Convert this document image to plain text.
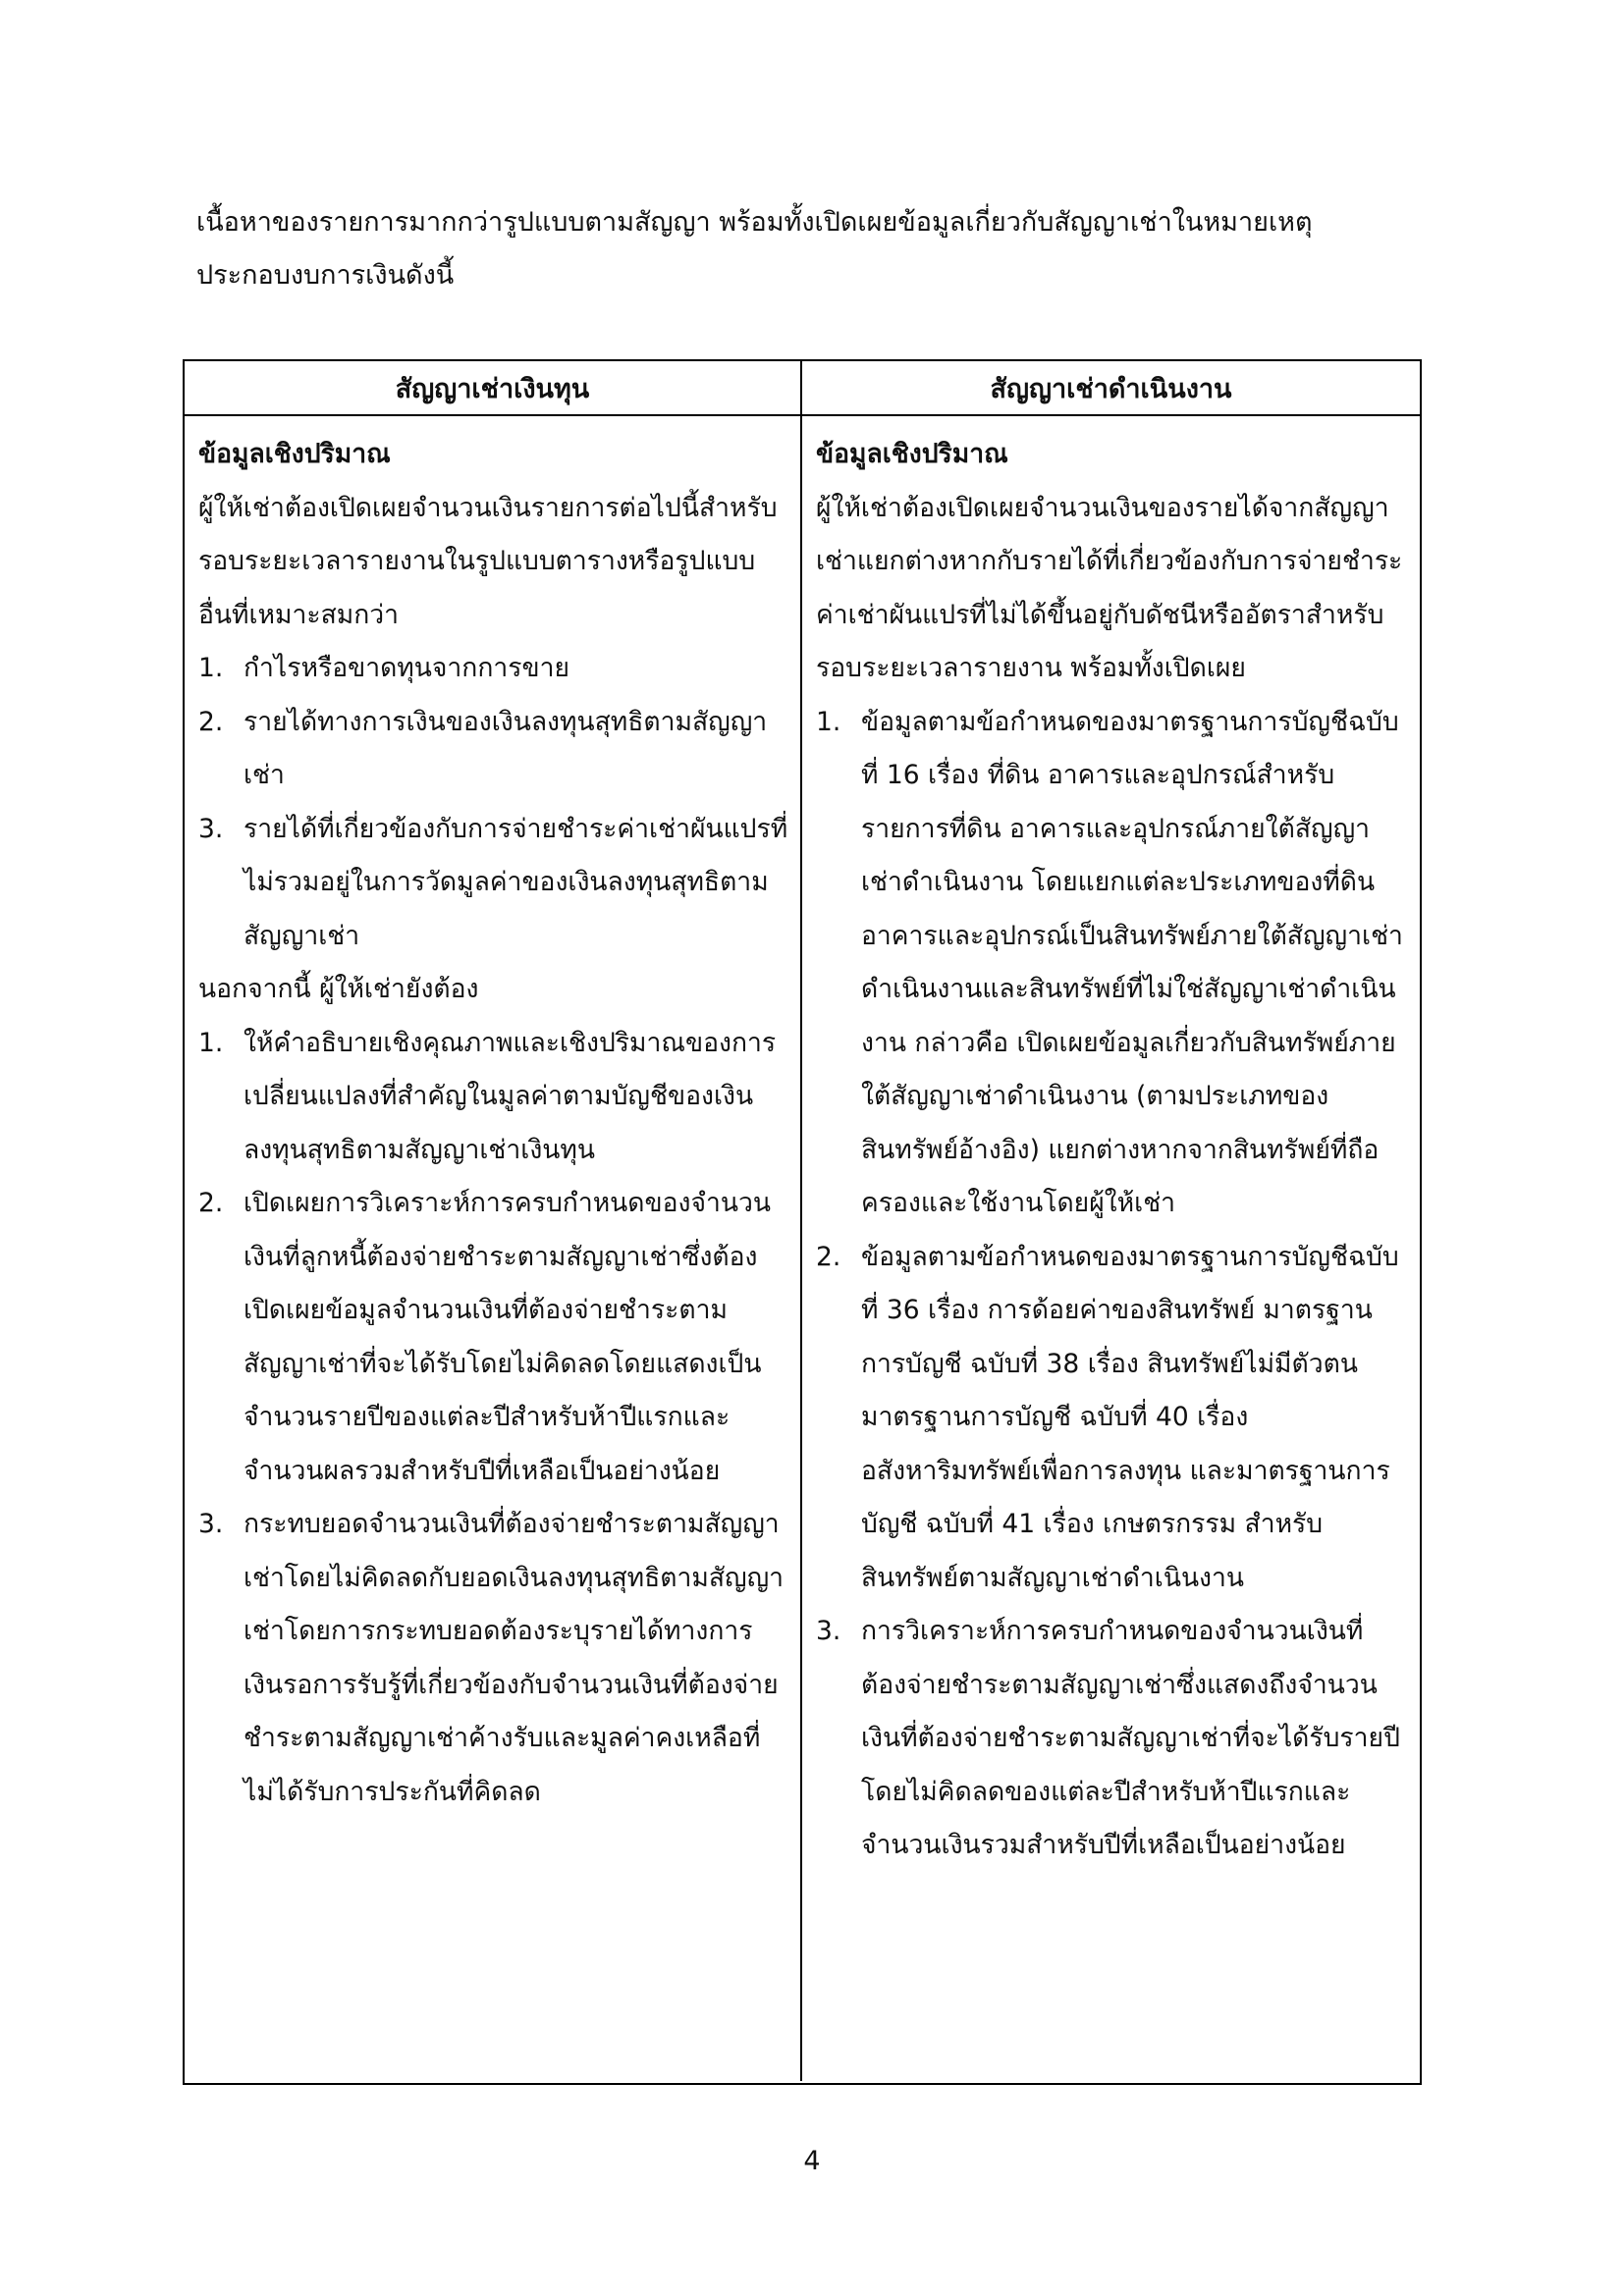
เนื้อหาของรายการมากกว่ารูปแบบตามสัญญา พร้อมทั้งเปิดเผยข้อมูลเกี่ยวกับสัญญาเช่าในหมายเหตุ
ประกอบงบการเงินดังนี้
สัญญาเช่าเงินทุน	สัญญาเช่าดำเนินงาน

ข้อมูลเชิงปริมาณ

ผู้ให้เช่าต้องเปิดเผยจำนวนเงินรายการต่อไปนี้สำหรับรอบระยะเวลารายงานในรูปแบบตารางหรือรูปแบบอื่นที่เหมาะสมกว่า

1. กำไรหรือขาดทุนจากการขาย
2. รายได้ทางการเงินของเงินลงทุนสุทธิตามสัญญาเช่า
3. รายได้ที่เกี่ยวข้องกับการจ่ายชำระค่าเช่าผันแปรที่ไม่รวมอยู่ในการวัดมูลค่าของเงินลงทุนสุทธิตามสัญญาเช่า

นอกจากนี้ ผู้ให้เช่ายังต้อง

1. ให้คำอธิบายเชิงคุณภาพและเชิงปริมาณของการเปลี่ยนแปลงที่สำคัญในมูลค่าตามบัญชีของเงินลงทุนสุทธิตามสัญญาเช่าเงินทุน
2. เปิดเผยการวิเคราะห์การครบกำหนดของจำนวนเงินที่ลูกหนี้ต้องจ่ายชำระตามสัญญาเช่าซึ่งต้องเปิดเผยข้อมูลจำนวนเงินที่ต้องจ่ายชำระตามสัญญาเช่าที่จะได้รับโดยไม่คิดลดโดยแสดงเป็นจำนวนรายปีของแต่ละปีสำหรับห้าปีแรกและจำนวนผลรวมสำหรับปีที่เหลือเป็นอย่างน้อย
3. กระทบยอดจำนวนเงินที่ต้องจ่ายชำระตามสัญญาเช่าโดยไม่คิดลดกับยอดเงินลงทุนสุทธิตามสัญญาเช่าโดยการกระทบยอดต้องระบุรายได้ทางการเงินรอการรับรู้ที่เกี่ยวข้องกับจำนวนเงินที่ต้องจ่ายชำระตามสัญญาเช่าค้างรับและมูลค่าคงเหลือที่ไม่ได้รับการประกันที่คิดลด

ข้อมูลเชิงปริมาณ

ผู้ให้เช่าต้องเปิดเผยจำนวนเงินของรายได้จากสัญญาเช่าแยกต่างหากกับรายได้ที่เกี่ยวข้องกับการจ่ายชำระค่าเช่าผันแปรที่ไม่ได้ขึ้นอยู่กับดัชนีหรืออัตราสำหรับรอบระยะเวลารายงาน พร้อมทั้งเปิดเผย

1. ข้อมูลตามข้อกำหนดของมาตรฐานการบัญชีฉบับที่ 16 เรื่อง ที่ดิน อาคารและอุปกรณ์สำหรับรายการที่ดิน อาคารและอุปกรณ์ภายใต้สัญญาเช่าดำเนินงาน โดยแยกแต่ละประเภทของที่ดิน อาคารและอุปกรณ์เป็นสินทรัพย์ภายใต้สัญญาเช่าดำเนินงานและสินทรัพย์ที่ไม่ใช่สัญญาเช่าดำเนินงาน กล่าวคือ เปิดเผยข้อมูลเกี่ยวกับสินทรัพย์ภายใต้สัญญาเช่าดำเนินงาน (ตามประเภทของสินทรัพย์อ้างอิง) แยกต่างหากจากสินทรัพย์ที่ถือครองและใช้งานโดยผู้ให้เช่า
2. ข้อมูลตามข้อกำหนดของมาตรฐานการบัญชีฉบับที่ 36 เรื่อง การด้อยค่าของสินทรัพย์ มาตรฐานการบัญชี ฉบับที่ 38 เรื่อง สินทรัพย์ไม่มีตัวตน มาตรฐานการบัญชี ฉบับที่ 40 เรื่อง อสังหาริมทรัพย์เพื่อการลงทุน และมาตรฐานการบัญชี ฉบับที่ 41 เรื่อง เกษตรกรรม สำหรับสินทรัพย์ตามสัญญาเช่าดำเนินงาน
3. การวิเคราะห์การครบกำหนดของจำนวนเงินที่ต้องจ่ายชำระตามสัญญาเช่าซึ่งแสดงถึงจำนวนเงินที่ต้องจ่ายชำระตามสัญญาเช่าที่จะได้รับรายปีโดยไม่คิดลดของแต่ละปีสำหรับห้าปีแรกและจำนวนเงินรวมสำหรับปีที่เหลือเป็นอย่างน้อย
4
